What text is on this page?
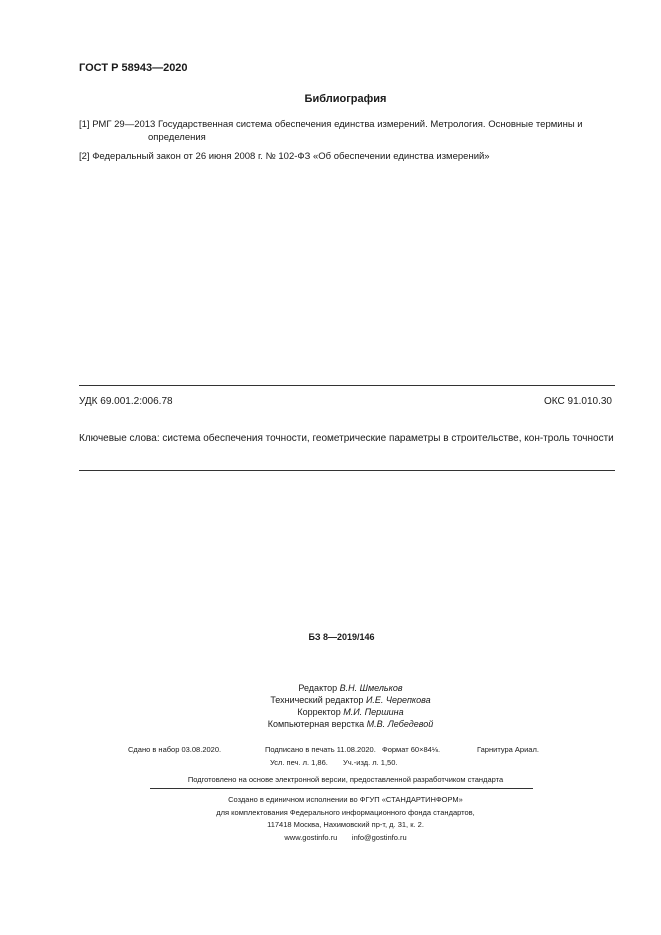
ГОСТ Р 58943—2020
Библиография
[1] РМГ 29—2013 Государственная система обеспечения единства измерений. Метрология. Основные термины и
определения
[2] Федеральный закон от 26 июня 2008 г. № 102-ФЗ «Об обеспечении единства измерений»
УДК 69.001.2:006.78	ОКС 91.010.30
Ключевые слова: система обеспечения точности, геометрические параметры в строительстве, кон-троль точности
БЗ 8—2019/146
Редактор В.Н. Шмельков
Технический редактор И.Е. Черепкова
Корректор М.И. Першина
Компьютерная верстка М.В. Лебедевой
Сдано в набор 03.08.2020.	Подписано в печать 11.08.2020. Формат 60×84⅛.	Гарнитура Ариал.
Усл. печ. л. 1,86. Уч.-изд. л. 1,50.
Подготовлено на основе электронной версии, предоставленной разработчиком стандарта
Создано в единичном исполнении во ФГУП «СТАНДАРТИНФОРМ»
для комплектования Федерального информационного фонда стандартов,
117418 Москва, Нахимовский пр-т, д. 31, к. 2.
www.gostinfo.ru info@gostinfo.ru
